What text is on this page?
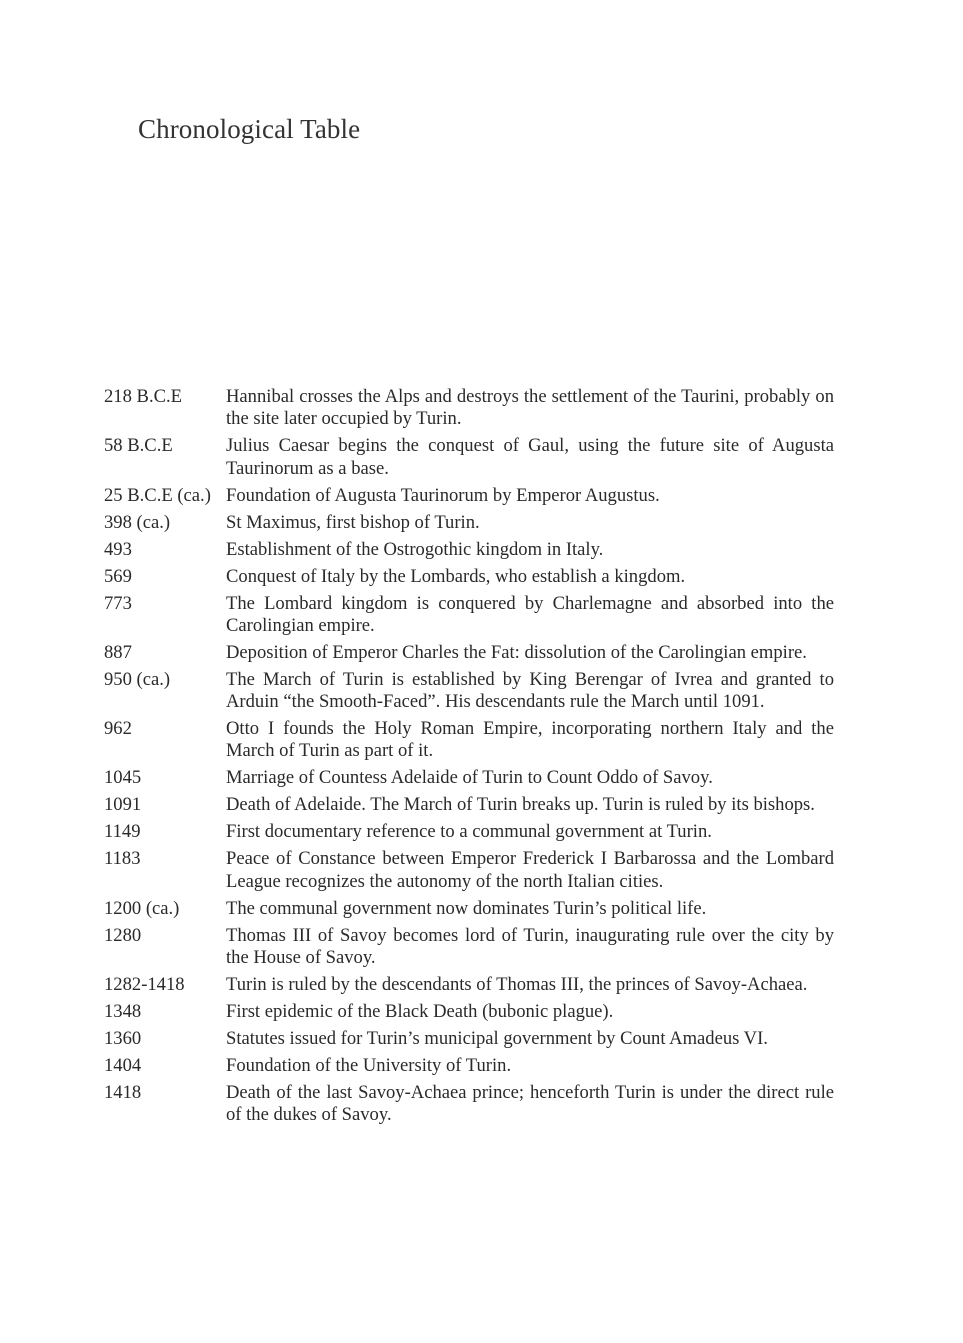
Chronological Table
218 B.C.E	Hannibal crosses the Alps and destroys the settlement of the Taurini, probably on the site later occupied by Turin.
58 B.C.E	Julius Caesar begins the conquest of Gaul, using the future site of Augusta Taurinorum as a base.
25 B.C.E (ca.) Foundation of Augusta Taurinorum by Emperor Augustus.
398 (ca.)	St Maximus, first bishop of Turin.
493	Establishment of the Ostrogothic kingdom in Italy.
569	Conquest of Italy by the Lombards, who establish a kingdom.
773	The Lombard kingdom is conquered by Charlemagne and absorbed into the Carolingian empire.
887	Deposition of Emperor Charles the Fat: dissolution of the Carolingian empire.
950 (ca.)	The March of Turin is established by King Berengar of Ivrea and granted to Arduin “the Smooth-Faced”. His descendants rule the March until 1091.
962	Otto I founds the Holy Roman Empire, incorporating northern Italy and the March of Turin as part of it.
1045	Marriage of Countess Adelaide of Turin to Count Oddo of Savoy.
1091	Death of Adelaide. The March of Turin breaks up. Turin is ruled by its bishops.
1149	First documentary reference to a communal government at Turin.
1183	Peace of Constance between Emperor Frederick I Barbarossa and the Lombard League recognizes the autonomy of the north Italian cities.
1200 (ca.)	The communal government now dominates Turin’s political life.
1280	Thomas III of Savoy becomes lord of Turin, inaugurating rule over the city by the House of Savoy.
1282-1418	Turin is ruled by the descendants of Thomas III, the princes of Savoy-Achaea.
1348	First epidemic of the Black Death (bubonic plague).
1360	Statutes issued for Turin’s municipal government by Count Amadeus VI.
1404	Foundation of the University of Turin.
1418	Death of the last Savoy-Achaea prince; henceforth Turin is under the direct rule of the dukes of Savoy.
